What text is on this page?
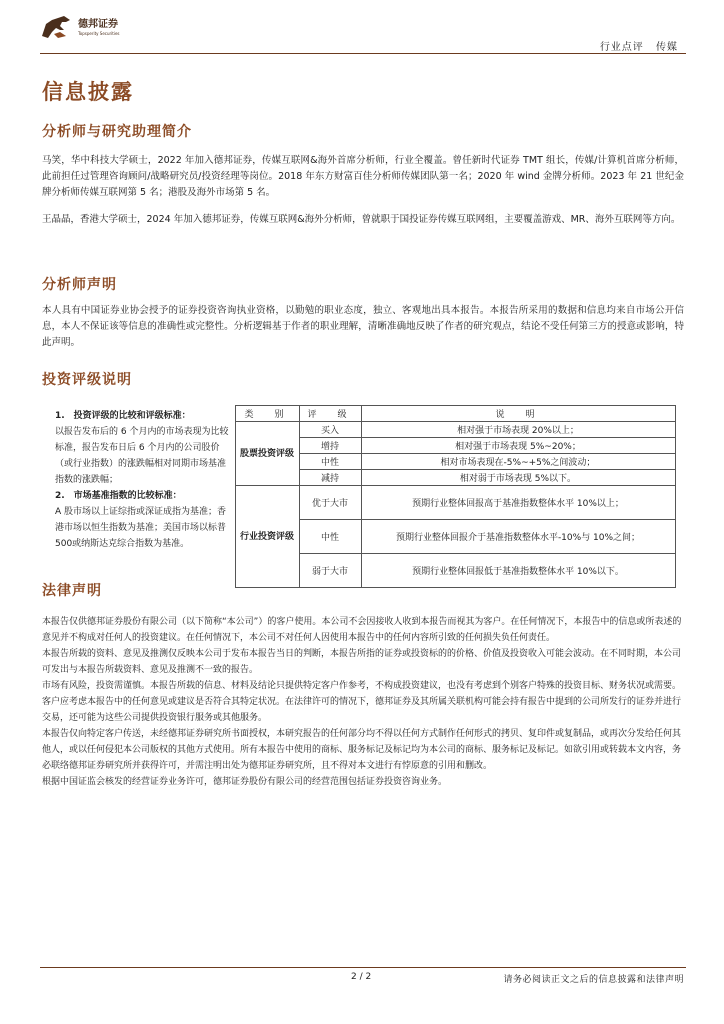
德邦证券
Topsperity Securities
行业点评 传媒
信息披露
分析师与研究助理简介
马笑，华中科技大学硕士，2022 年加入德邦证券，传媒互联网&海外首席分析师，行业全覆盖。曾任新时代证券 TMT 组长，传媒/计算机首席分析师，此前担任过管理咨询顾问/战略研究员/投资经理等岗位。2018 年东方财富百佳分析师传媒团队第一名；2020 年 wind 金牌分析师。2023 年 21 世纪金牌分析师传媒互联网第 5 名；港股及海外市场第 5 名。
王晶晶，香港大学硕士，2024 年加入德邦证券，传媒互联网&海外分析师，曾就职于国投证券传媒互联网组，主要覆盖游戏、MR、海外互联网等方向。
分析师声明
本人具有中国证券业协会授予的证券投资咨询执业资格，以勤勉的职业态度，独立、客观地出具本报告。本报告所采用的数据和信息均来自市场公开信息，本人不保证该等信息的准确性或完整性。分析逻辑基于作者的职业理解，清晰准确地反映了作者的研究观点，结论不受任何第三方的授意或影响，特此声明。
投资评级说明
1.　投资评级的比较和评级标准：
以报告发布后的 6 个月内的市场表现为比较标准，报告发布日后 6 个月内的公司股价（或行业指数）的涨跌幅相对同期市场基准指数的涨跌幅；
2.　市场基准指数的比较标准：
A 股市场以上证综指或深证成指为基准；香港市场以恒生指数为基准；美国市场以标普500或纳斯达克综合指数为基准。	类　别	评　级	说　明
	股票投资评级	买入	相对强于市场表现 20%以上；
		增持	相对强于市场表现 5%~20%；
		中性	相对市场表现在-5%~+5%之间波动；
		减持	相对弱于市场表现 5%以下。
	行业投资评级	优于大市	预期行业整体回报高于基准指数整体水平 10%以上；
		中性	预期行业整体回报介于基准指数整体水平-10%与 10%之间；
		弱于大市	预期行业整体回报低于基准指数整体水平 10%以下。
法律声明

本报告仅供德邦证券股份有限公司（以下简称“本公司”）的客户使用。本公司不会因接收人收到本报告而视其为客户。在任何情况下，本报告中的信息或所表述的意见并不构成对任何人的投资建议。在任何情况下，本公司不对任何人因使用本报告中的任何内容所引致的任何损失负任何责任。

本报告所载的资料、意见及推测仅反映本公司于发布本报告当日的判断，本报告所指的证券或投资标的的价格、价值及投资收入可能会波动。在不同时期，本公司可发出与本报告所载资料、意见及推测不一致的报告。

市场有风险，投资需谨慎。本报告所载的信息、材料及结论只提供特定客户作参考，不构成投资建议，也没有考虑到个别客户特殊的投资目标、财务状况或需要。客户应考虑本报告中的任何意见或建议是否符合其特定状况。在法律许可的情况下，德邦证券及其所属关联机构可能会持有报告中提到的公司所发行的证券并进行交易，还可能为这些公司提供投资银行服务或其他服务。

本报告仅向特定客户传送，未经德邦证券研究所书面授权，本研究报告的任何部分均不得以任何方式制作任何形式的拷贝、复印件或复制品，或再次分发给任何其他人，或以任何侵犯本公司版权的其他方式使用。所有本报告中使用的商标、服务标记及标记均为本公司的商标、服务标记及标记。如欲引用或转载本文内容，务必联络德邦证券研究所并获得许可，并需注明出处为德邦证券研究所，且不得对本文进行有悖原意的引用和删改。

根据中国证监会核发的经营证券业务许可，德邦证券股份有限公司的经营范围包括证券投资咨询业务。

2 / 2	请务必阅读正文之后的信息披露和法律声明
